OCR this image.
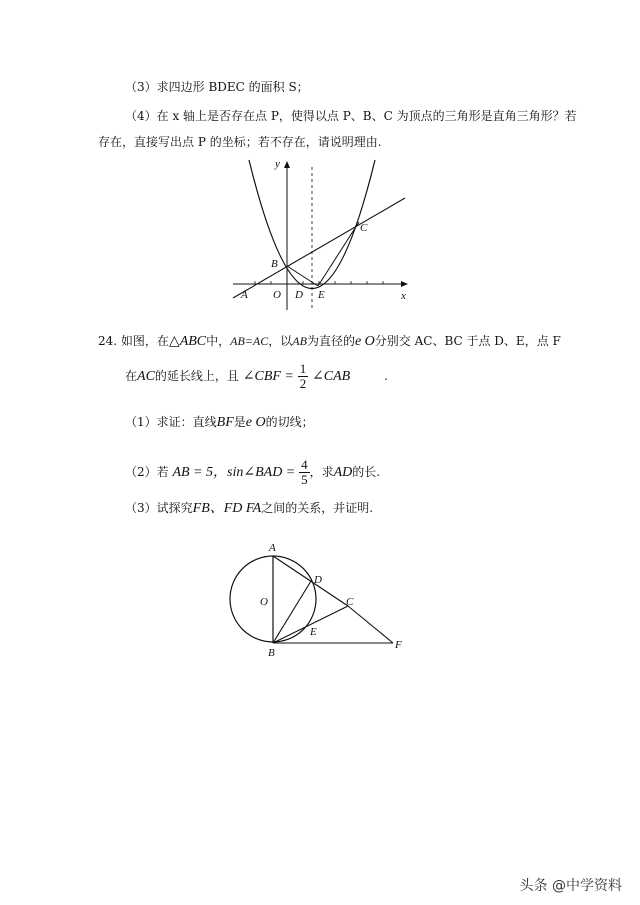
（3）求四边形 BDEC 的面积 S；
（4）在 x 轴上是否存在点 P，使得以点 P、B、C 为顶点的三角形是直角三角形？若
存在，直接写出点 P 的坐标；若不存在，请说明理由.
y
x
A O D E
B
C
24. 如图，在△ABC中，AB=AC，以AB为直径的e O分别交 AC、BC 于点 D、E，点 F
在AC的延长线上，且 ∠CBF = $\frac{1}{2}$ ∠CAB	.
（1）求证：直线BF是e O的切线；
（2）若 AB = 5，sin∠BAD = $\frac{4}{5}$ ，求AD的长.
（3）试探究FB、FD FA之间的关系，并证明.
A
D
O	C
E
B
F
头条 @中学资料
